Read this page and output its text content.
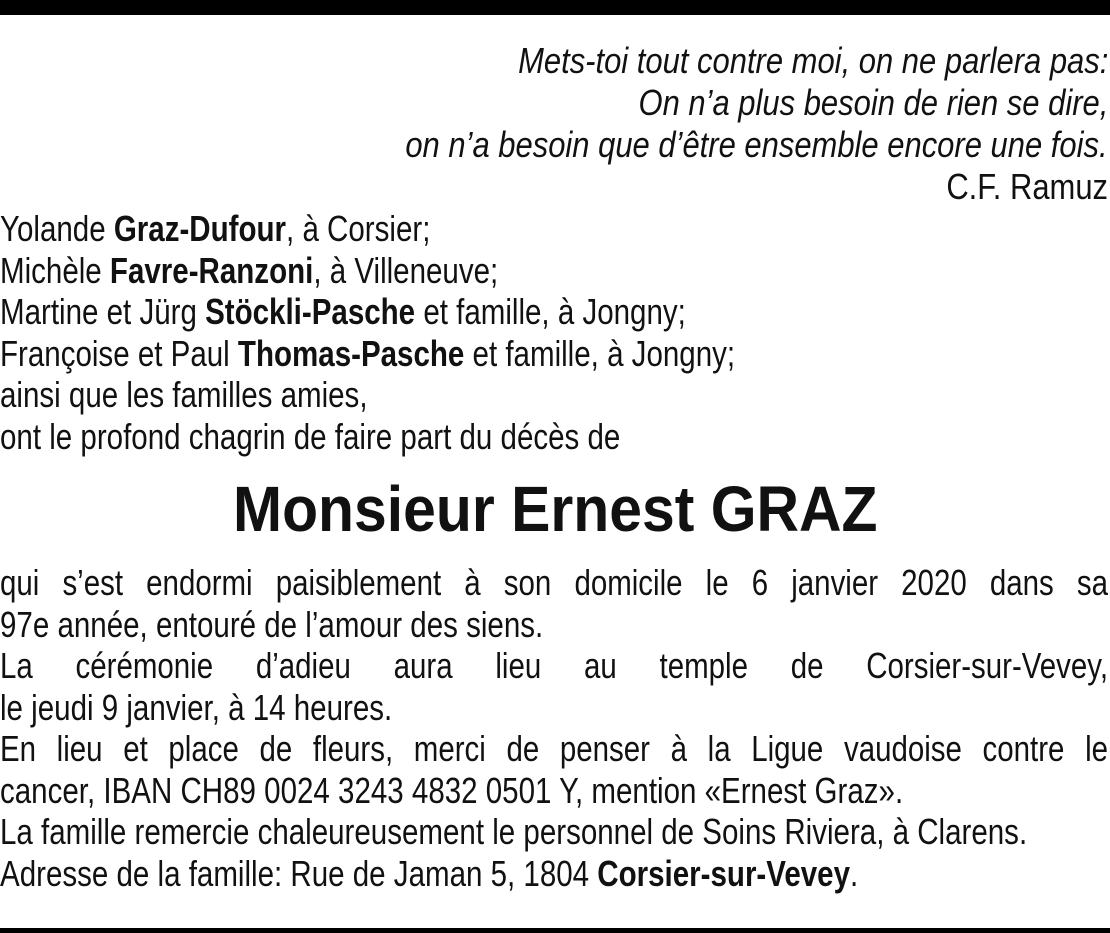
Mets-toi tout contre moi, on ne parlera pas:
On n’a plus besoin de rien se dire,
on n’a besoin que d’être ensemble encore une fois.
C.F. Ramuz
Yolande Graz-Dufour, à Corsier;
Michèle Favre-Ranzoni, à Villeneuve;
Martine et Jürg Stöckli-Pasche et famille, à Jongny;
Françoise et Paul Thomas-Pasche et famille, à Jongny;
ainsi que les familles amies,
ont le profond chagrin de faire part du décès de
Monsieur Ernest GRAZ
qui s’est endormi paisiblement à son domicile le 6 janvier 2020 dans sa
97e année, entouré de l’amour des siens.
La cérémonie d’adieu aura lieu au temple de Corsier-sur-Vevey,
le jeudi 9 janvier, à 14 heures.
En lieu et place de fleurs, merci de penser à la Ligue vaudoise contre le
cancer, IBAN CH89 0024 3243 4832 0501 Y, mention «Ernest Graz».
La famille remercie chaleureusement le personnel de Soins Riviera, à Clarens.
Adresse de la famille: Rue de Jaman 5, 1804 Corsier-sur-Vevey.
